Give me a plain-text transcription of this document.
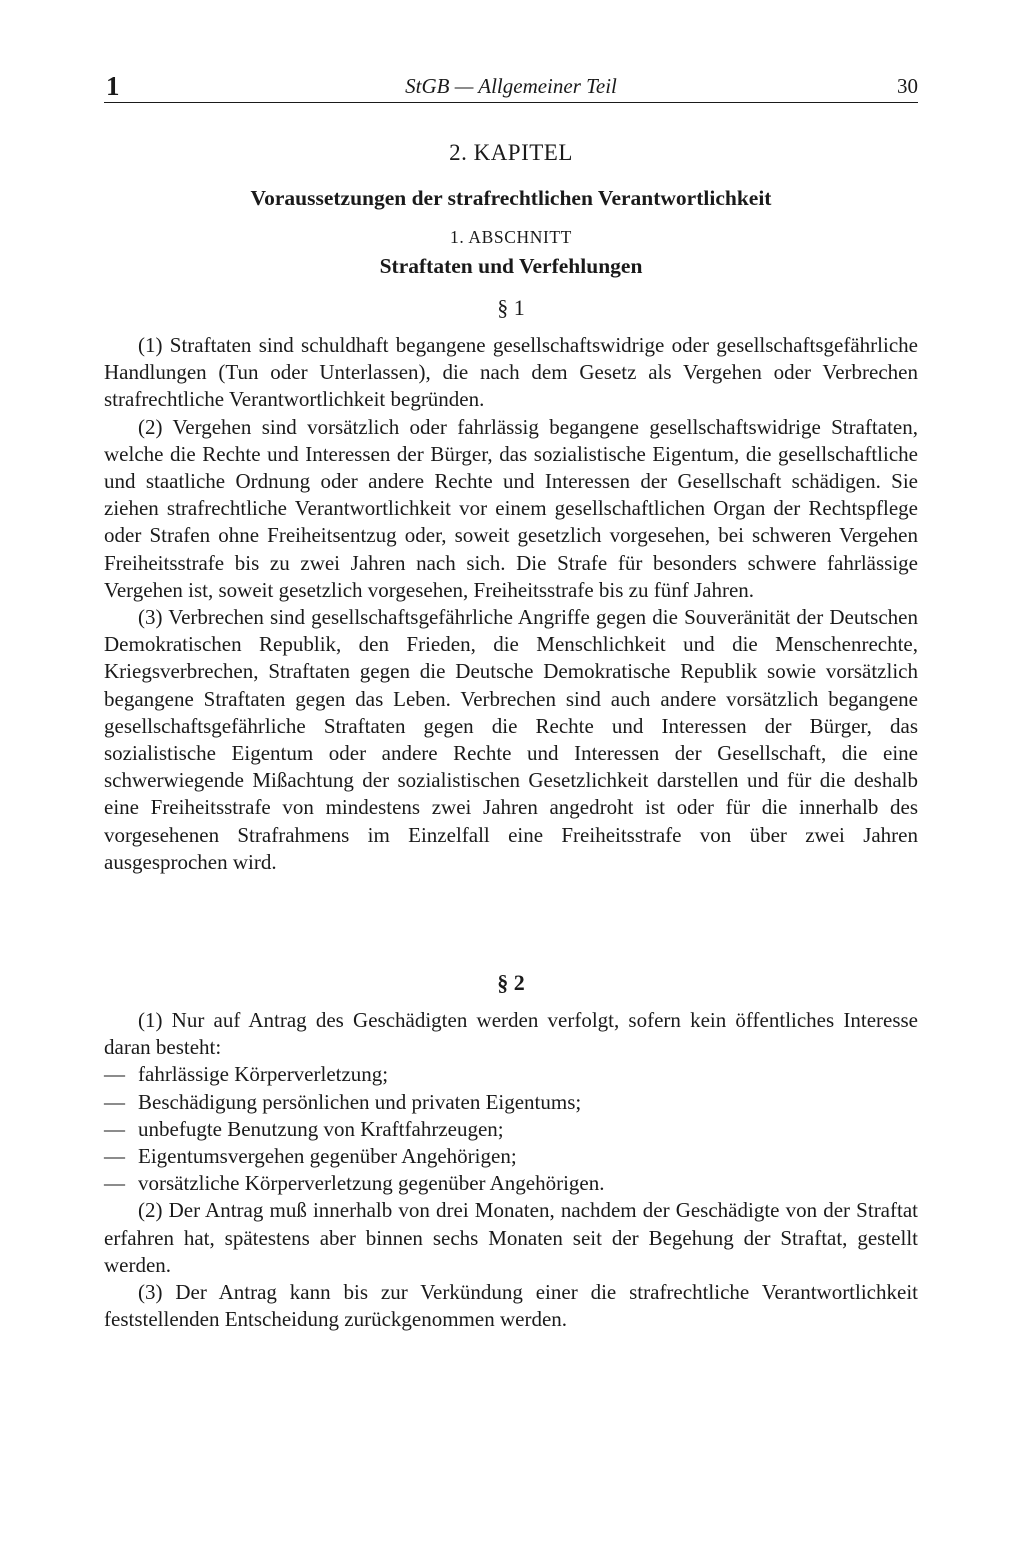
1	StGB — Allgemeiner Teil	30
2. KAPITEL
Voraussetzungen der strafrechtlichen Verantwortlichkeit
1. ABSCHNITT
Straftaten und Verfehlungen
§ 1

(1) Straftaten sind schuldhaft begangene gesellschaftswidrige oder gesellschaftsgefährliche Handlungen (Tun oder Unterlassen), die nach dem Gesetz als Vergehen oder Verbrechen strafrechtliche Verantwortlichkeit begründen.

(2) Vergehen sind vorsätzlich oder fahrlässig begangene gesellschaftswidrige Straftaten, welche die Rechte und Interessen der Bürger, das sozialistische Eigentum, die gesellschaftliche und staatliche Ordnung oder andere Rechte und Interessen der Gesellschaft schädigen. Sie ziehen strafrechtliche Verantwortlichkeit vor einem gesellschaftlichen Organ der Rechtspflege oder Strafen ohne Freiheitsentzug oder, soweit gesetzlich vorgesehen, bei schweren Vergehen Freiheitsstrafe bis zu zwei Jahren nach sich. Die Strafe für besonders schwere fahrlässige Vergehen ist, soweit gesetzlich vorgesehen, Freiheitsstrafe bis zu fünf Jahren.

(3) Verbrechen sind gesellschaftsgefährliche Angriffe gegen die Souveränität der Deutschen Demokratischen Republik, den Frieden, die Menschlichkeit und die Menschenrechte, Kriegsverbrechen, Straftaten gegen die Deutsche Demokratische Republik sowie vorsätzlich begangene Straftaten gegen das Leben. Verbrechen sind auch andere vorsätzlich begangene gesellschaftsgefährliche Straftaten gegen die Rechte und Interessen der Bürger, das sozialistische Eigentum oder andere Rechte und Interessen der Gesellschaft, die eine schwerwiegende Mißachtung der sozialistischen Gesetzlichkeit darstellen und für die deshalb eine Freiheitsstrafe von mindestens zwei Jahren angedroht ist oder für die innerhalb des vorgesehenen Strafrahmens im Einzelfall eine Freiheitsstrafe von über zwei Jahren ausgesprochen wird.

§ 2

(1) Nur auf Antrag des Geschädigten werden verfolgt, sofern kein öffentliches Interesse daran besteht:

— fahrlässige Körperverletzung;
— Beschädigung persönlichen und privaten Eigentums;
— unbefugte Benutzung von Kraftfahrzeugen;
— Eigentumsvergehen gegenüber Angehörigen;
— vorsätzliche Körperverletzung gegenüber Angehörigen.

(2) Der Antrag muß innerhalb von drei Monaten, nachdem der Geschädigte von der Straftat erfahren hat, spätestens aber binnen sechs Monaten seit der Begehung der Straftat, gestellt werden.

(3) Der Antrag kann bis zur Verkündung einer die strafrechtliche Verantwortlichkeit feststellenden Entscheidung zurückgenommen werden.
